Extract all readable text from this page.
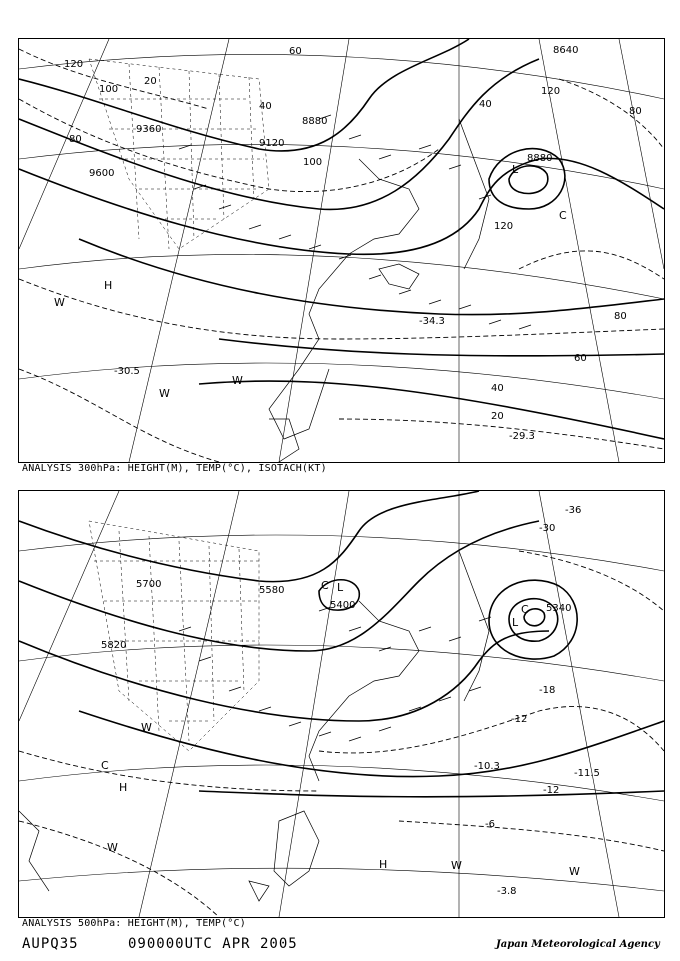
9360
9120
8880
8880
9600
8640
120
100
80
60
40
20
120
100
80
60
40
20
80
40
120
-29.3
-34.3
-30.5
H
W
W
W
L
C
ANALYSIS 300hPa: HEIGHT(M), TEMP(°C), ISOTACH(KT)
5700
5580
5820
5400	5340
-12
-12
-18
-6
-36
-30
-11.5
-10.3
-3.8
W
C
H
W
L
C
L
C
H	W	W
ANALYSIS 500hPa: HEIGHT(M), TEMP(°C)
AUPQ35	090000UTC APR 2005	Japan Meteorological Agency
